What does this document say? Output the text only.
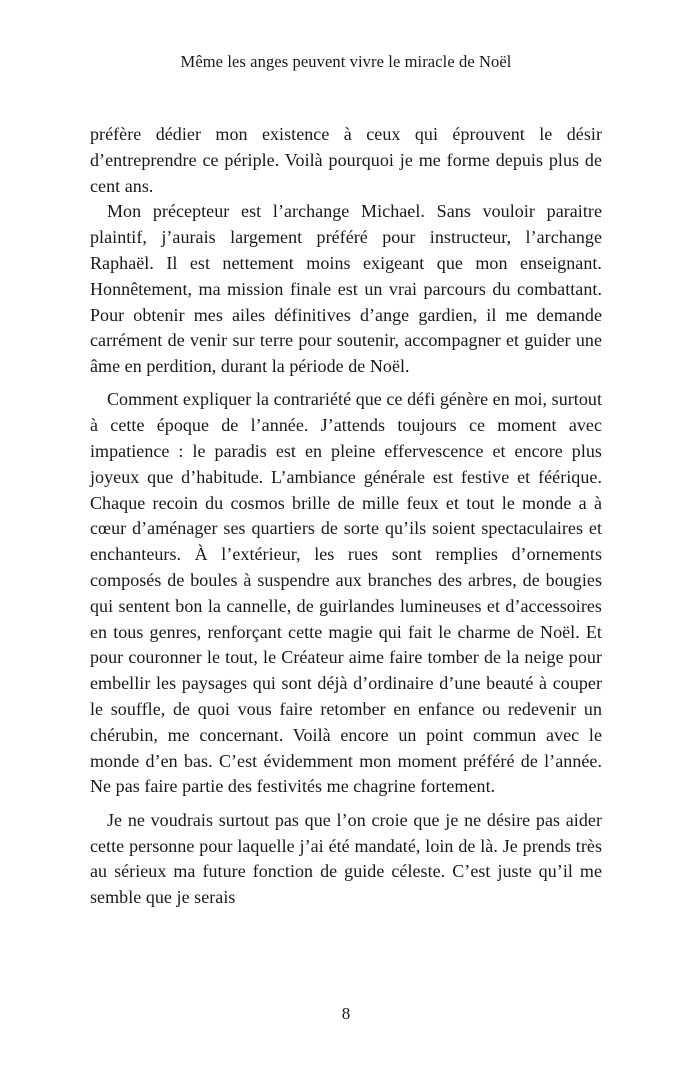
Même les anges peuvent vivre le miracle de Noël

préfère dédier mon existence à ceux qui éprouvent le désir d’entreprendre ce périple. Voilà pourquoi je me forme depuis plus de cent ans.

Mon précepteur est l’archange Michael. Sans vouloir paraitre plaintif, j’aurais largement préféré pour instructeur, l’archange Raphaël. Il est nettement moins exigeant que mon enseignant. Honnêtement, ma mission finale est un vrai parcours du combattant. Pour obtenir mes ailes définitives d’ange gardien, il me demande carrément de venir sur terre pour soutenir, accompagner et guider une âme en perdition, durant la période de Noël.

Comment expliquer la contrariété que ce défi génère en moi, surtout à cette époque de l’année. J’attends toujours ce moment avec impatience : le paradis est en pleine effervescence et encore plus joyeux que d’habitude. L’ambiance générale est festive et féérique. Chaque recoin du cosmos brille de mille feux et tout le monde a à cœur d’aménager ses quartiers de sorte qu’ils soient spectaculaires et enchanteurs. À l’extérieur, les rues sont remplies d’ornements composés de boules à suspendre aux branches des arbres, de bougies qui sentent bon la cannelle, de guirlandes lumineuses et d’accessoires en tous genres, renforçant cette magie qui fait le charme de Noël. Et pour couronner le tout, le Créateur aime faire tomber de la neige pour embellir les paysages qui sont déjà d’ordinaire d’une beauté à couper le souffle, de quoi vous faire retomber en enfance ou redevenir un chérubin, me concernant. Voilà encore un point commun avec le monde d’en bas. C’est évidemment mon moment préféré de l’année. Ne pas faire partie des festivités me chagrine fortement.

Je ne voudrais surtout pas que l’on croie que je ne désire pas aider cette personne pour laquelle j’ai été mandaté, loin de là. Je prends très au sérieux ma future fonction de guide céleste. C’est juste qu’il me semble que je serais

8
